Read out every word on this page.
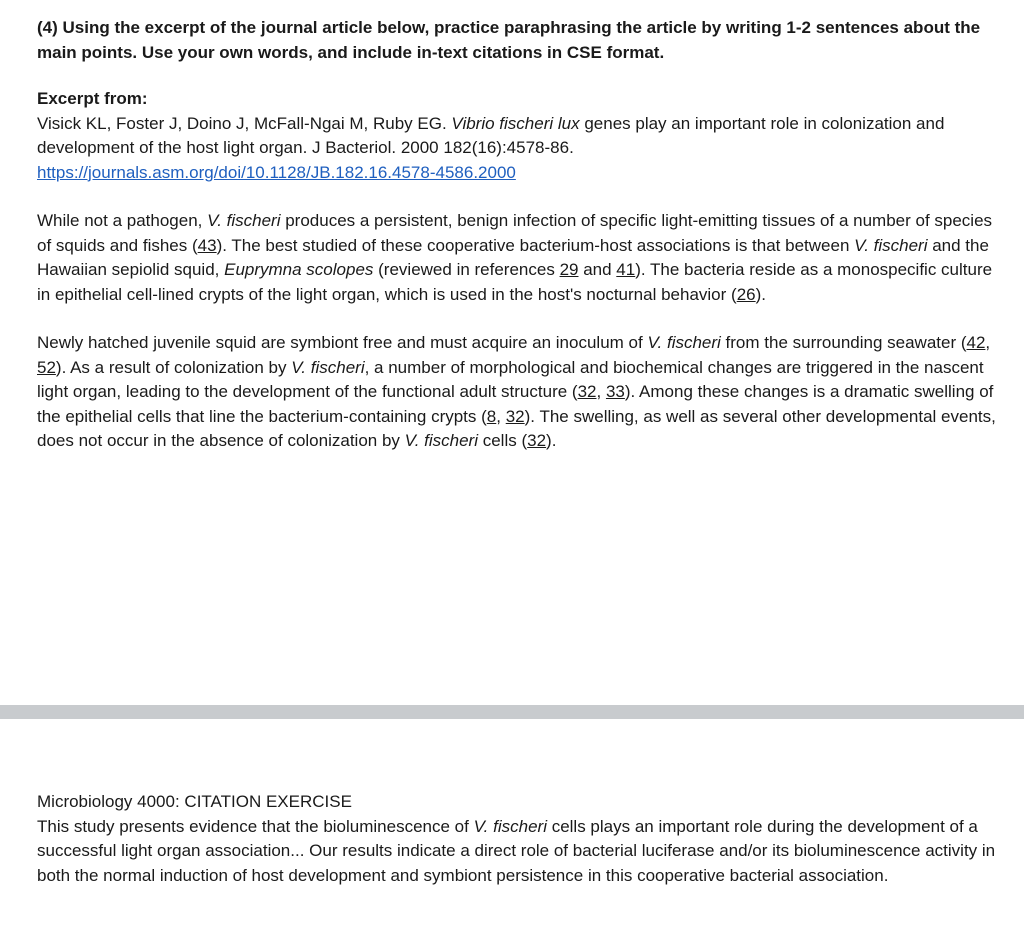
(4) Using the excerpt of the journal article below, practice paraphrasing the article by writing 1-2 sentences about the main points. Use your own words, and include in-text citations in CSE format.

Excerpt from:
Visick KL, Foster J, Doino J, McFall-Ngai M, Ruby EG. Vibrio fischeri lux genes play an important role in colonization and development of the host light organ. J Bacteriol. 2000 182(16):4578-86.
https://journals.asm.org/doi/10.1128/JB.182.16.4578-4586.2000

While not a pathogen, V. fischeri produces a persistent, benign infection of specific light-emitting tissues of a number of species of squids and fishes (43). The best studied of these cooperative bacterium-host associations is that between V. fischeri and the Hawaiian sepiolid squid, Euprymna scolopes (reviewed in references 29 and 41). The bacteria reside as a monospecific culture in epithelial cell-lined crypts of the light organ, which is used in the host's nocturnal behavior (26).

Newly hatched juvenile squid are symbiont free and must acquire an inoculum of V. fischeri from the surrounding seawater (42, 52). As a result of colonization by V. fischeri, a number of morphological and biochemical changes are triggered in the nascent light organ, leading to the development of the functional adult structure (32, 33). Among these changes is a dramatic swelling of the epithelial cells that line the bacterium-containing crypts (8, 32). The swelling, as well as several other developmental events, does not occur in the absence of colonization by V. fischeri cells (32).

Microbiology 4000: CITATION EXERCISE

This study presents evidence that the bioluminescence of V. fischeri cells plays an important role during the development of a successful light organ association... Our results indicate a direct role of bacterial luciferase and/or its bioluminescence activity in both the normal induction of host development and symbiont persistence in this cooperative bacterial association.
